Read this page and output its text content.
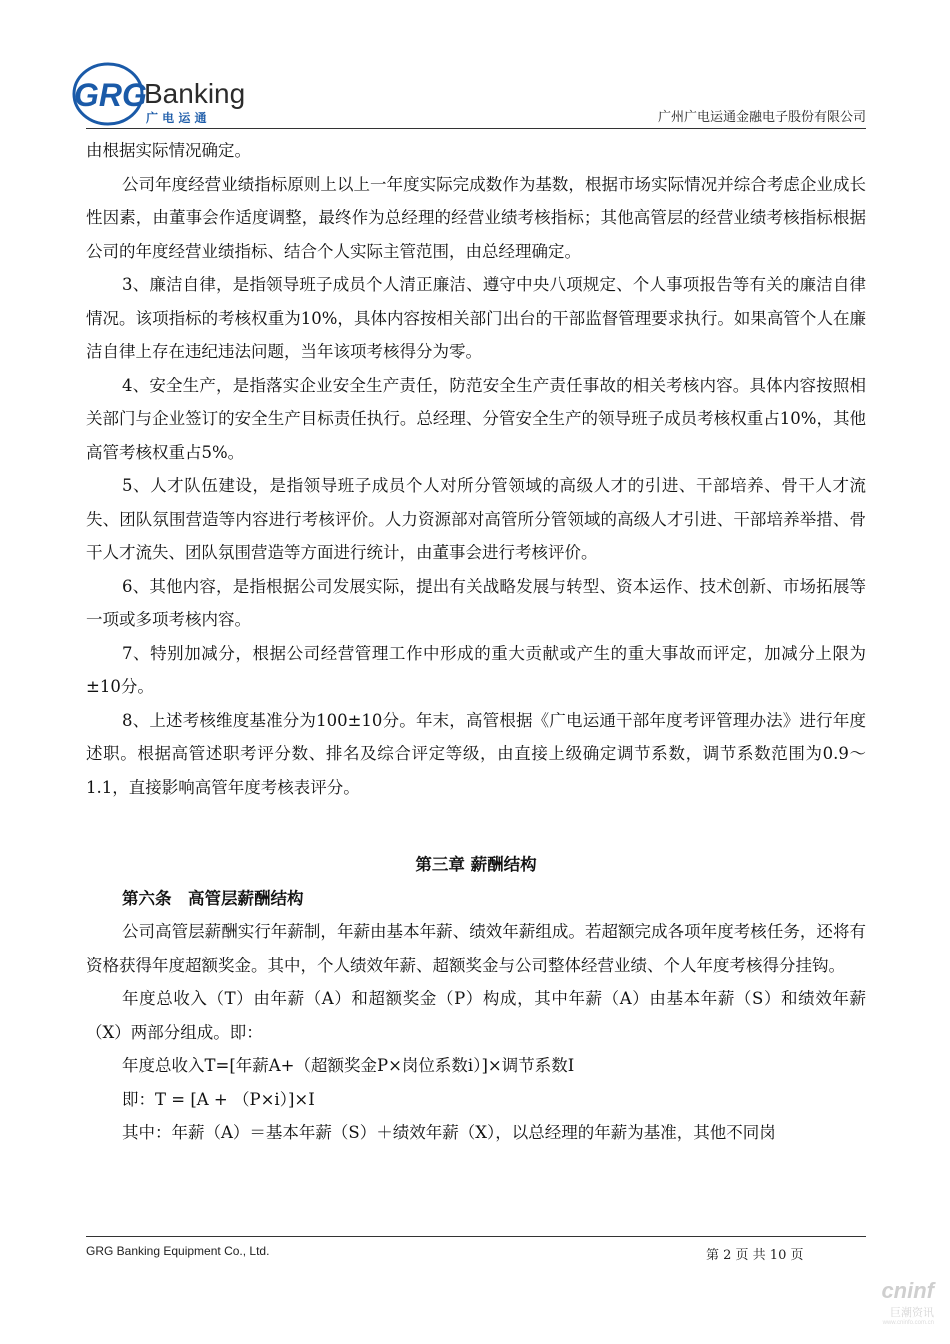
GRG
Banking
广 电 运 通	广州广电运通金融电子股份有限公司

由根据实际情况确定。

公司年度经营业绩指标原则上以上一年度实际完成数作为基数，根据市场实际情况并综合考虑企业成长性因素，由董事会作适度调整，最终作为总经理的经营业绩考核指标；其他高管层的经营业绩考核指标根据公司的年度经营业绩指标、结合个人实际主管范围，由总经理确定。

3、廉洁自律，是指领导班子成员个人清正廉洁、遵守中央八项规定、个人事项报告等有关的廉洁自律情况。该项指标的考核权重为10%，具体内容按相关部门出台的干部监督管理要求执行。如果高管个人在廉洁自律上存在违纪违法问题，当年该项考核得分为零。

4、安全生产，是指落实企业安全生产责任，防范安全生产责任事故的相关考核内容。具体内容按照相关部门与企业签订的安全生产目标责任执行。总经理、分管安全生产的领导班子成员考核权重占10%，其他高管考核权重占5%。

5、人才队伍建设，是指领导班子成员个人对所分管领域的高级人才的引进、干部培养、骨干人才流失、团队氛围营造等内容进行考核评价。人力资源部对高管所分管领域的高级人才引进、干部培养举措、骨干人才流失、团队氛围营造等方面进行统计，由董事会进行考核评价。

6、其他内容，是指根据公司发展实际，提出有关战略发展与转型、资本运作、技术创新、市场拓展等一项或多项考核内容。

7、特别加减分，根据公司经营管理工作中形成的重大贡献或产生的重大事故而评定，加减分上限为±10分。

8、上述考核维度基准分为100±10分。年末，高管根据《广电运通干部年度考评管理办法》进行年度述职。根据高管述职考评分数、排名及综合评定等级，由直接上级确定调节系数，调节系数范围为0.9～1.1，直接影响高管年度考核表评分。

第三章 薪酬结构

第六条　高管层薪酬结构

公司高管层薪酬实行年薪制，年薪由基本年薪、绩效年薪组成。若超额完成各项年度考核任务，还将有资格获得年度超额奖金。其中，个人绩效年薪、超额奖金与公司整体经营业绩、个人年度考核得分挂钩。

年度总收入（T）由年薪（A）和超额奖金（P）构成，其中年薪（A）由基本年薪（S）和绩效年薪（X）两部分组成。即：

年度总收入T=[年薪A+（超额奖金P×岗位系数i）]×调节系数I

即：T = [A + （P×i）]×I

其中：年薪（A）＝基本年薪（S）＋绩效年薪（X），以总经理的年薪为基准，其他不同岗

GRG Banking Equipment Co., Ltd.	第 2 页 共 10 页
cninf
巨潮资讯
www.cninfo.com.cn
